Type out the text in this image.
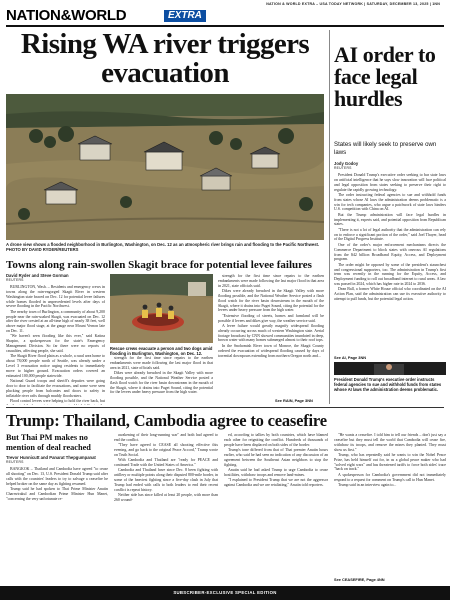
NATION & WORLD EXTRA – USA TODAY NETWORK | SATURDAY, DECEMBER 13, 2025 | 1NN
NATION&WORLD	EXTRA
Rising WA river triggers evacuation
A drone view shows a flooded neighborhood in Burlington, Washington, on Dec. 12 as an atmospheric river brings rain and flooding to the Pacific Northwest. PHOTO BY DAVID RYDER/REUTERS
Towns along rain-swollen Skagit brace for potential levee failures
David Ryder and Steve Gorman
REUTERS

BURLINGTON, Wash. – Residents and emergency crews in towns along the rain-engorged Skagit River in western Washington state braced on Dec. 12 for potential levee failures while homes flooded in unprecedented levels after days of severe flooding in the Pacific Northwest.

The nearby town of Burlington, a community of about 9,200 people near the rain-soaked Skagit, was evacuated on Dec. 12 after the river crested at an all-time high of nearly 38 feet, well above major flood stage, at the gauge near Mount Vernon late on Dec. 11.

"We haven't seen flooding like this ever," said Katina Shapiro, a spokesperson for the state's Emergency Management Division. So far there were no reports of casualties, affecting people, she said.

The Skagit River flood plain as a whole, a rural area home to about 78,000 people north of Seattle, was already under a Level 3 evacuation notice urging residents to immediately move to higher ground. Evacuation orders covered an estimated 100,000 people statewide.

National Guard troops and sheriff's deputies were going door to door to facilitate the evacuations, and some were seen plucking people from balconies and doors to safety in inflatable river rafts through muddy floodwaters.

Flood control levees were helping to hold the river back, but

Rescue crews evacuate a person and two dogs amid flooding in Burlington, Washington, on Dec. 12.

strength for the first time since repairs to the earthen embankments were made following the last major flood in that area in 2021, state officials said.

Dikes were already breached in the Skagit Valley with more flooding possible, and the National Weather Service posted a flash flood watch for the river basin downstream in the mouth of the Skagit, where it drains into Puget Sound, citing the potential for the levees under heavy pressure from the high water.

strength for the first time since repairs to the earthen embankments were made following the last major flood in that area in 2021, state officials said.

Dikes were already breached in the Skagit Valley with more flooding possible, and the National Weather Service posted a flash flood watch for the river basin downstream in the mouth of the Skagit, where it drains into Puget Sound, citing the potential for the levees under heavy pressure from the high water.

"Extensive flooding of streets, homes and farmland will be possible if levees and dikes give way, the weather service said.

A levee failure would greatly magnify widespread flooding already occurring across much of western Washington state. Aerial footage broadcast by CNN showed communities inundated in deep, brown water with many homes submerged almost to their roof tops.

In the Snohomish River town of Monroe, the Skagit County ordered the evacuation of widespread flooding caused by days of torrential downpours extending from northern Oregon north and...

See RAIN, Page 3NN
AI order to face legal hurdles
States will likely seek to preserve own laws
Jody Godoy
REUTERS

President Donald Trump's executive order seeking to bar state laws on artificial intelligence that he says slow innovation will face political and legal opposition from states seeking to preserve their right to regulate the rapidly growing technology.

The order instructing federal agencies to sue and withhold funds from states whose AI laws the administration deems problematic is a win for tech companies, who argue a patchwork of state laws hinders U.S. competition with China on AI.

But the Trump administration will face legal hurdles in implementing it, experts said, and potential opposition from Republican states.

"There is not a lot of legal authority that the administration can rely on to enforce a significant portion of the order," said Joel Thayer, head of the Digital Progress Institute.

One of the order's major enforcement mechanisms directs the Commerce Department to block states with onerous AI regulations from the $42 billion Broadband Equity, Access, and Deployment program.

The order might be opposed by some of the president's staunchest and congressional supporters, too. The administration in Trump's first term was recently in the running for the Equity, Access, and Deployment funding to roll out broadband internet to rural areas. A law was passed in 2024, which has higher rate in 2024 to 2036.

Dean Ball, a former White House official who coordinated on the AI Action Plan, said the administration can use its executive authority to attempt to pull funds, but the potential legal action.

See AI, Page 3NN
President Donald Trump's executive order instructs federal agencies to sue and withhold funds from states whose AI laws the administration deems problematic.
Trump: Thailand, Cambodia agree to ceasefire
But Thai PM makes no mention of deal reached
Trevor Hunnicutt and Panarat Thepgumpanat
REUTERS

BANGKOK – Thailand and Cambodia have agreed "to cease all shooting" on Dec. 13, U.S. President Donald Trump said after calls with the countries' leaders to try to salvage a ceasefire he helped broker on the same day as fighting resumed.

Trump said he had spoken to Thai Prime Minister Anutin Charnvirakul and Cambodian Prime Minister Hun Manet, "concerning the very unfortunate re-

awakening of their long-running war" and both had agreed to end the conflict.

"They have agreed to CEASE all shooting effective this evening, and go back to the original Peace Accord," Trump wrote on Truth Social.

With Cambodia and Thailand are "ready for PEACE and continued Trade with the United States of America."

Cambodia and Thailand have since Dec. 8 been fighting with artillery or multiple points along their disputed 800-mile border, in some of the heaviest fighting since a five-day clash in July that Trump had ended with calls to both leaders to end their recent conflict is repeat history.

Neither side has since killed at least 20 people, with more than 260 wound-

ed, according to tallies by both countries, which have blamed each other for reigniting the conflict. Hundreds of thousands of people have been displaced on both sides of the border.

Trump's tone differed from that of Thai premier Anutin hours earlier, who said he had seen no indication of any discussion of an agreement between the Southeast Asian neighbors to stop the fighting.

Anutin said he had asked Trump to urge Cambodia to cease hostilities, withdraw troops and remove land-mines.

"I explained to President Trump that we are not the aggressor against Cambodia and we are retaliating," Anutin told reporters.

"He wants a ceasefire. I told him to tell our friends – don't just say a ceasefire but they must tell the world that Cambodia will cease fire, withdraw its troops, and remove the mines they planted. They must show us first."

Trump, who has repeatedly said he wants to win the Nobel Peace Prize, has held himself out for, in as a global peace maker who had "solved eight wars" and has threatened tariffs to force both sides' trace "back on track."

A spokesperson for Cambodia's government did not immediately respond to a request for comment on Trump's call to Hun Manet.

Trump said in an interview again to...

See CEASEFIRE, Page 4NN
SUBSCRIBER-EXCLUSIVE SPECIAL EDITION
